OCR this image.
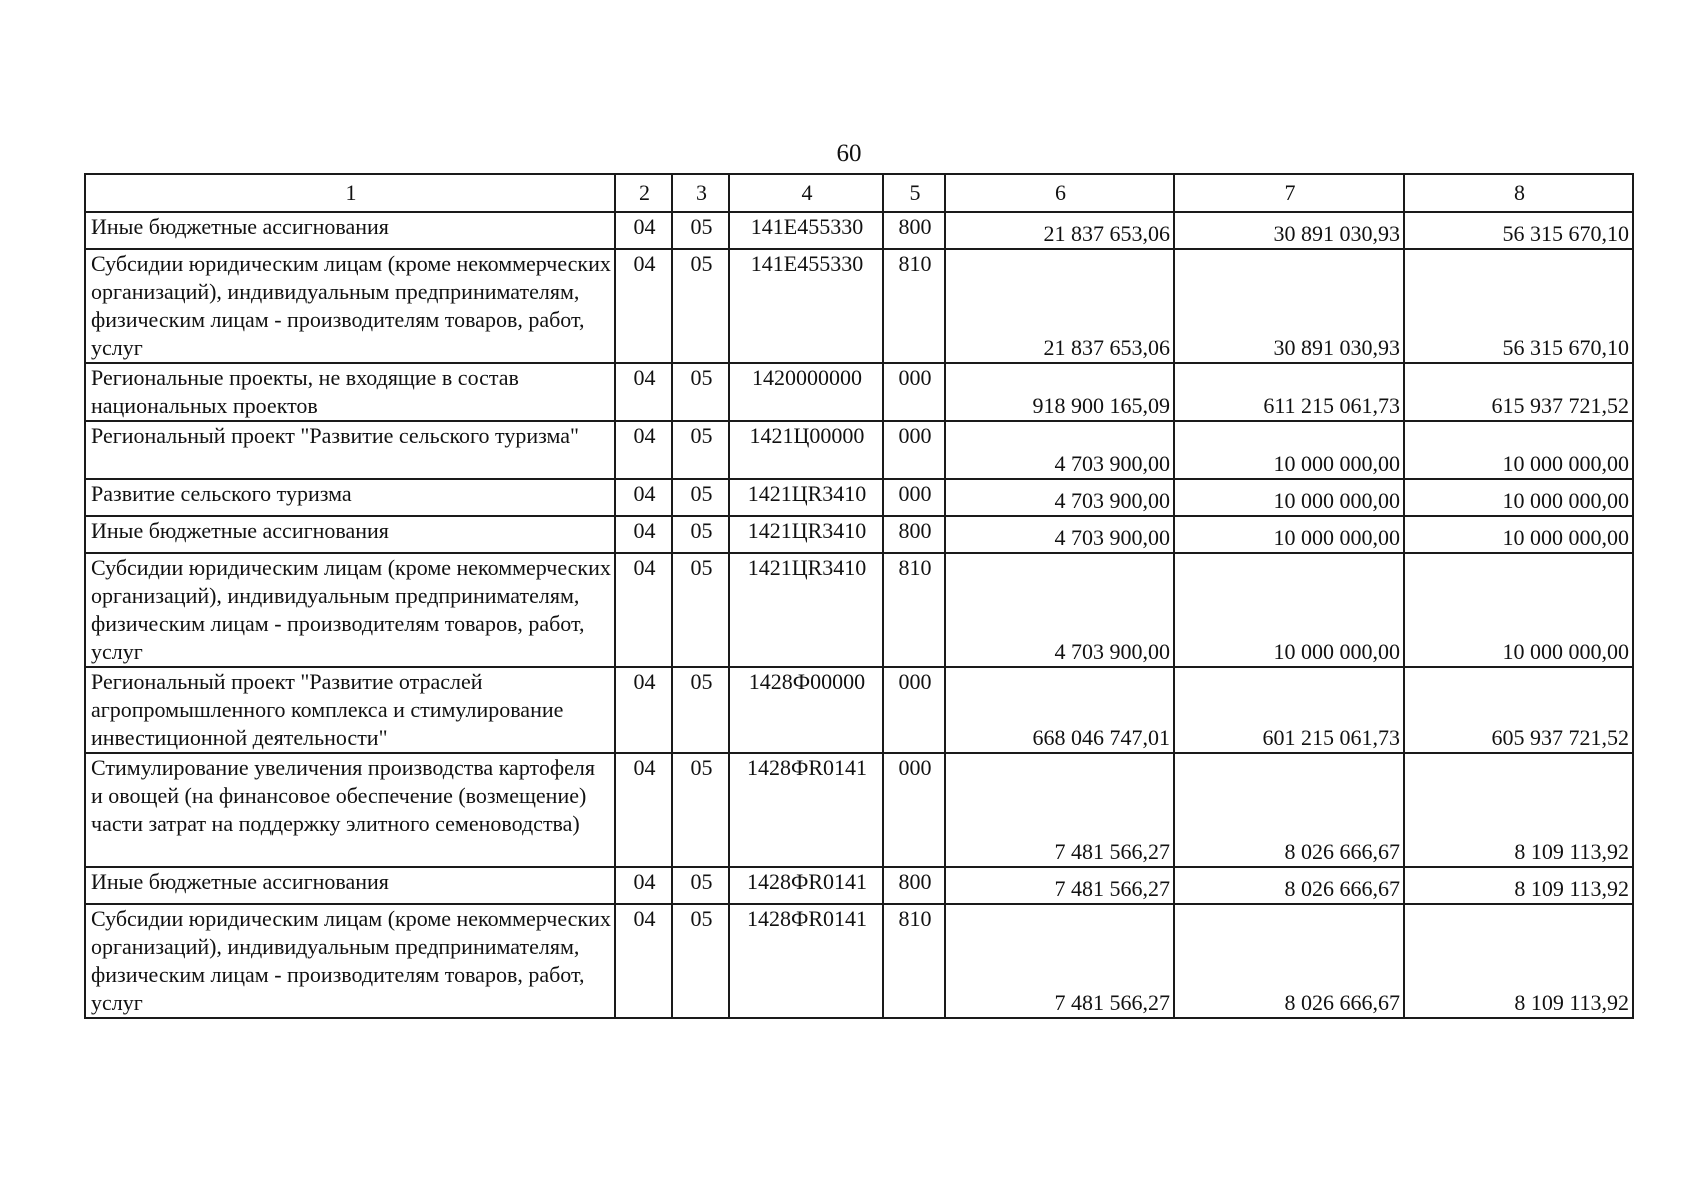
60
1	2	3	4	5	6	7	8
Иные бюджетные ассигнования	04	05	141E455330	800	21 837 653,06	30 891 030,93	56 315 670,10
Субсидии юридическим лицам (кроме некоммерческих организаций), индивидуальным предпринимателям, физическим лицам - производителям товаров, работ, услуг	04	05	141E455330	810	21 837 653,06	30 891 030,93	56 315 670,10
Региональные проекты, не входящие в состав национальных проектов	04	05	1420000000	000	918 900 165,09	611 215 061,73	615 937 721,52
Региональный проект "Развитие сельского туризма"	04	05	1421Ц00000	000	4 703 900,00	10 000 000,00	10 000 000,00
Развитие сельского туризма	04	05	1421ЦR3410	000	4 703 900,00	10 000 000,00	10 000 000,00
Иные бюджетные ассигнования	04	05	1421ЦR3410	800	4 703 900,00	10 000 000,00	10 000 000,00
Субсидии юридическим лицам (кроме некоммерческих организаций), индивидуальным предпринимателям, физическим лицам - производителям товаров, работ, услуг	04	05	1421ЦR3410	810	4 703 900,00	10 000 000,00	10 000 000,00
Региональный проект "Развитие отраслей агропромышленного комплекса и стимулирование инвестиционной деятельности"	04	05	1428Ф00000	000	668 046 747,01	601 215 061,73	605 937 721,52
Стимулирование увеличения производства картофеля и овощей (на финансовое обеспечение (возмещение) части затрат на поддержку элитного семеноводства)	04	05	1428ФR0141	000	7 481 566,27	8 026 666,67	8 109 113,92
Иные бюджетные ассигнования	04	05	1428ФR0141	800	7 481 566,27	8 026 666,67	8 109 113,92
Субсидии юридическим лицам (кроме некоммерческих организаций), индивидуальным предпринимателям, физическим лицам - производителям товаров, работ, услуг	04	05	1428ФR0141	810	7 481 566,27	8 026 666,67	8 109 113,92
